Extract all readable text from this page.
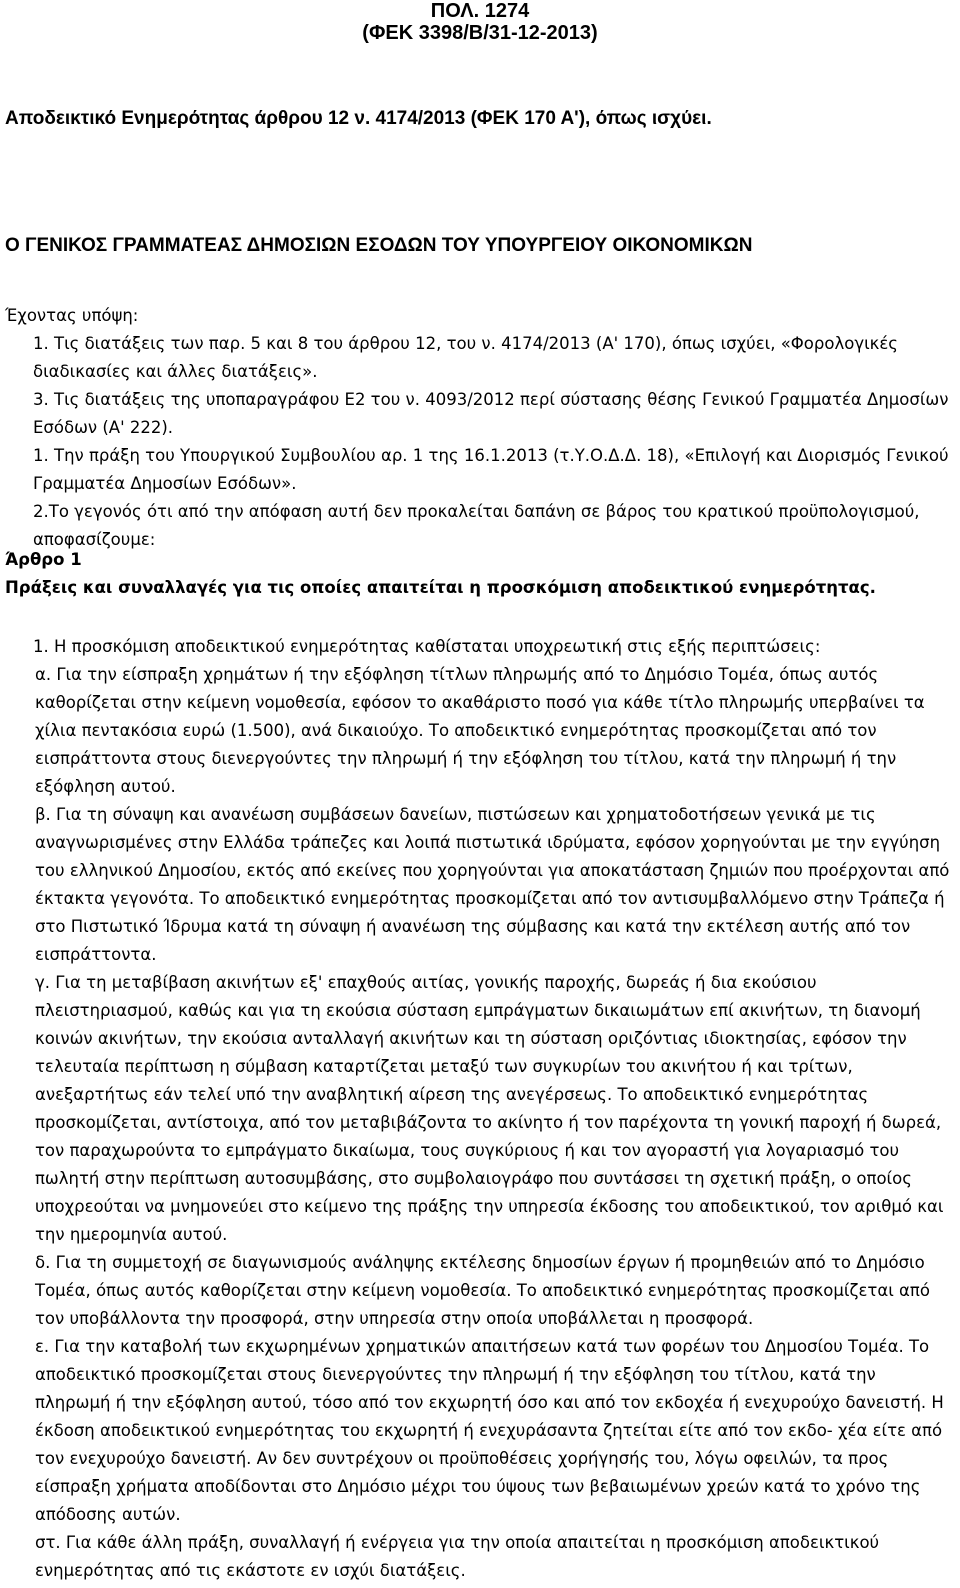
ΠΟΛ. 1274
(ΦΕΚ 3398/Β/31-12-2013)
Αποδεικτικό Ενημερότητας άρθρου 12 ν. 4174/2013 (ΦΕΚ 170 Α'), όπως ισχύει.
Ο ΓΕΝΙΚΟΣ ΓΡΑΜΜΑΤΕΑΣ ΔΗΜΟΣΙΩΝ ΕΣΟΔΩΝ ΤΟΥ ΥΠΟΥΡΓΕΙΟΥ ΟΙΚΟΝΟΜΙΚΩΝ

Έχοντας υπόψη:

1. Τις διατάξεις των παρ. 5 και 8 του άρθρου 12, του ν. 4174/2013 (Α' 170), όπως ισχύει, «Φορολογικές διαδικασίες και άλλες διατάξεις».

3. Τις διατάξεις της υποπαραγράφου Ε2 του ν. 4093/2012 περί σύστασης θέσης Γενικού Γραμματέα Δημοσίων Εσόδων (Α' 222).

1. Την πράξη του Υπουργικού Συμβουλίου αρ. 1 της 16.1.2013 (τ.Υ.Ο.Δ.Δ. 18), «Επιλογή και Διορισμός Γενικού Γραμματέα Δημοσίων Εσόδων».

2.Το γεγονός ότι από την απόφαση αυτή δεν προκαλείται δαπάνη σε βάρος του κρατικού προϋπολογισμού, αποφασίζουμε:

Άρθρο 1

Πράξεις και συναλλαγές για τις οποίες απαιτείται η προσκόμιση αποδεικτικού ενημερότητας.

1. Η προσκόμιση αποδεικτικού ενημερότητας καθίσταται υποχρεωτική στις εξής περιπτώσεις:

α. Για την είσπραξη χρημάτων ή την εξόφληση τίτλων πληρωμής από το Δημόσιο Τομέα, όπως αυτός καθορίζεται στην κείμενη νομοθεσία, εφόσον το ακαθάριστο ποσό για κάθε τίτλο πληρωμής υπερβαίνει τα χίλια πεντακόσια ευρώ (1.500), ανά δικαιούχο. Το αποδεικτικό ενημερότητας προσκομίζεται από τον εισπράττοντα στους διενεργούντες την πληρωμή ή την εξόφληση του τίτλου, κατά την πληρωμή ή την εξόφληση αυτού.

β. Για τη σύναψη και ανανέωση συμβάσεων δανείων, πιστώσεων και χρηματοδοτήσεων γενικά με τις αναγνωρισμένες στην Ελλάδα τράπεζες και λοιπά πιστωτικά ιδρύματα, εφόσον χορηγούνται με την εγγύηση του ελληνικού Δημοσίου, εκτός από εκείνες που χορηγούνται για αποκατάσταση ζημιών που προέρχονται από έκτακτα γεγονότα. Το αποδεικτικό ενημερότητας προσκομίζεται από τον αντισυμβαλλόμενο στην Τράπεζα ή στο Πιστωτικό Ίδρυμα κατά τη σύναψη ή ανανέωση της σύμβασης και κατά την εκτέλεση αυτής από τον εισπράττοντα.

γ. Για τη μεταβίβαση ακινήτων εξ' επαχθούς αιτίας, γονικής παροχής, δωρεάς ή δια εκούσιου πλειστηριασμού, καθώς και για τη εκούσια σύσταση εμπράγματων δικαιωμάτων επί ακινήτων, τη διανομή κοινών ακινήτων, την εκούσια ανταλλαγή ακινήτων και τη σύσταση οριζόντιας ιδιοκτησίας, εφόσον την τελευταία περίπτωση η σύμβαση καταρτίζεται μεταξύ των συγκυρίων του ακινήτου ή και τρίτων, ανεξαρτήτως εάν τελεί υπό την αναβλητική αίρεση της ανεγέρσεως. Το αποδεικτικό ενημερότητας προσκομίζεται, αντίστοιχα, από τον μεταβιβάζοντα το ακίνητο ή τον παρέχοντα τη γονική παροχή ή δωρεά, τον παραχωρούντα το εμπράγματο δικαίωμα, τους συγκύριους ή και τον αγοραστή για λογαριασμό του πωλητή στην περίπτωση αυτοσυμβάσης, στο συμβολαιογράφο που συντάσσει τη σχετική πράξη, ο οποίος υποχρεούται να μνημονεύει στο κείμενο της πράξης την υπηρεσία έκδοσης του αποδεικτικού, τον αριθμό και την ημερομηνία αυτού.

δ. Για τη συμμετοχή σε διαγωνισμούς ανάληψης εκτέλεσης δημοσίων έργων ή προμηθειών από το Δημόσιο Τομέα, όπως αυτός καθορίζεται στην κείμενη νομοθεσία. Το αποδεικτικό ενημερότητας προσκομίζεται από τον υποβάλλοντα την προσφορά, στην υπηρεσία στην οποία υποβάλλεται η προσφορά.

ε. Για την καταβολή των εκχωρημένων χρηματικών απαιτήσεων κατά των φορέων του Δημοσίου Τομέα. Το αποδεικτικό προσκομίζεται στους διενεργούντες την πληρωμή ή την εξόφληση του τίτλου, κατά την πληρωμή ή την εξόφληση αυτού, τόσο από τον εκχωρητή όσο και από τον εκδοχέα ή ενεχυρούχο δανειστή. Η έκδοση αποδεικτικού ενημερότητας του εκχωρητή ή ενεχυράσαντα ζητείται είτε από τον εκδο- χέα είτε από τον ενεχυρούχο δανειστή. Αν δεν συντρέχουν οι προϋποθέσεις χορήγησής του, λόγω οφειλών, τα προς είσπραξη χρήματα αποδίδονται στο Δημόσιο μέχρι του ύψους των βεβαιωμένων χρεών κατά το χρόνο της απόδοσης αυτών.

στ. Για κάθε άλλη πράξη, συναλλαγή ή ενέργεια για την οποία απαιτείται η προσκόμιση αποδεικτικού ενημερότητας από τις εκάστοτε εν ισχύι διατάξεις.
